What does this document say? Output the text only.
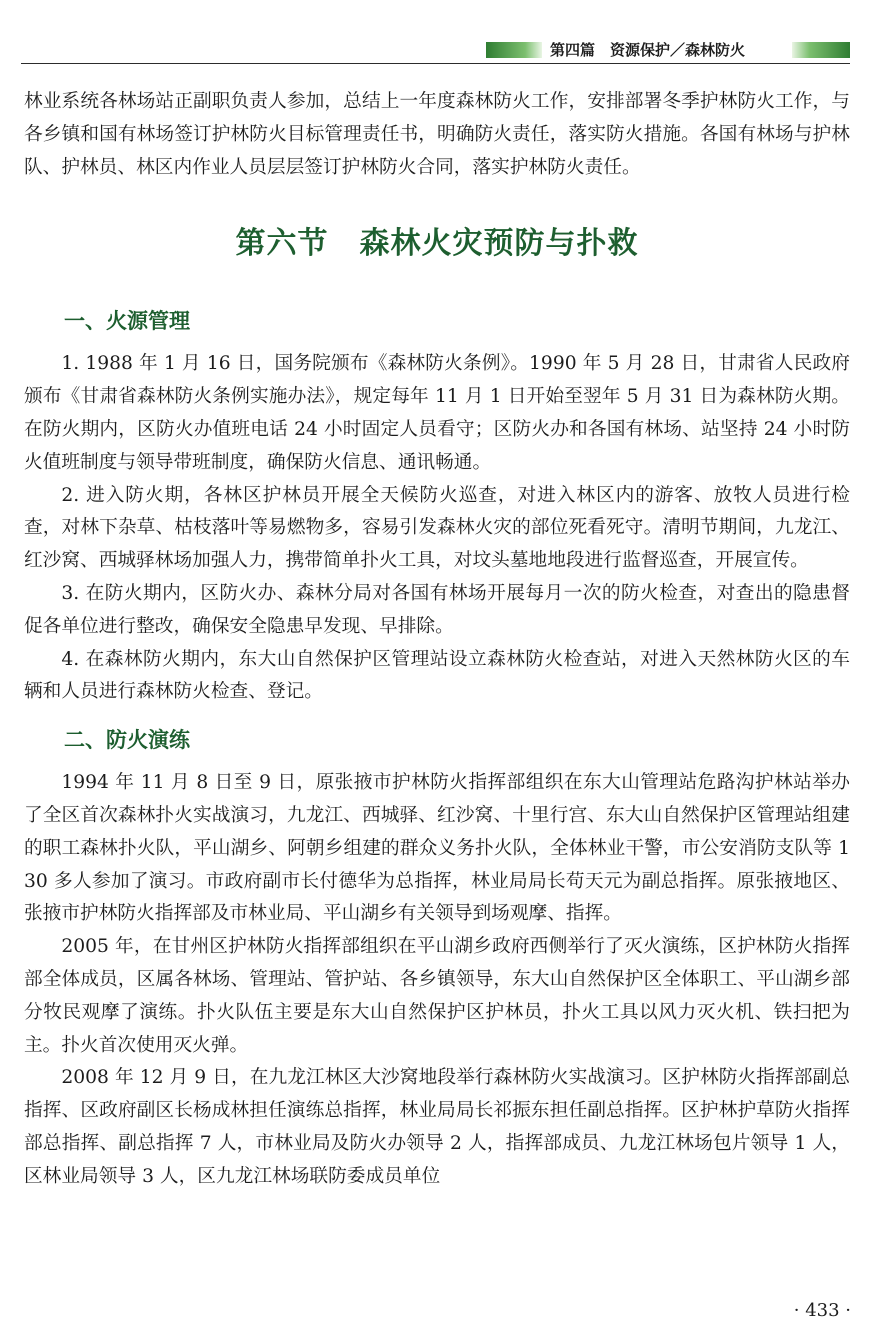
第四篇　资源保护／森林防火

林业系统各林场站正副职负责人参加，总结上一年度森林防火工作，安排部署冬季护林防火工作，与各乡镇和国有林场签订护林防火目标管理责任书，明确防火责任，落实防火措施。各国有林场与护林队、护林员、林区内作业人员层层签订护林防火合同，落实护林防火责任。

第六节　森林火灾预防与扑救
一、火源管理

1. 1988 年 1 月 16 日，国务院颁布《森林防火条例》。1990 年 5 月 28 日，甘肃省人民政府颁布《甘肃省森林防火条例实施办法》，规定每年 11 月 1 日开始至翌年 5 月 31 日为森林防火期。在防火期内，区防火办值班电话 24 小时固定人员看守；区防火办和各国有林场、站坚持 24 小时防火值班制度与领导带班制度，确保防火信息、通讯畅通。

2. 进入防火期，各林区护林员开展全天候防火巡查，对进入林区内的游客、放牧人员进行检查，对林下杂草、枯枝落叶等易燃物多，容易引发森林火灾的部位死看死守。清明节期间，九龙江、红沙窝、西城驿林场加强人力，携带简单扑火工具，对坟头墓地地段进行监督巡查，开展宣传。

3. 在防火期内，区防火办、森林分局对各国有林场开展每月一次的防火检查，对查出的隐患督促各单位进行整改，确保安全隐患早发现、早排除。

4. 在森林防火期内，东大山自然保护区管理站设立森林防火检查站，对进入天然林防火区的车辆和人员进行森林防火检查、登记。

二、防火演练

1994 年 11 月 8 日至 9 日，原张掖市护林防火指挥部组织在东大山管理站危路沟护林站举办了全区首次森林扑火实战演习，九龙江、西城驿、红沙窝、十里行宫、东大山自然保护区管理站组建的职工森林扑火队，平山湖乡、阿朝乡组建的群众义务扑火队，全体林业干警，市公安消防支队等 130 多人参加了演习。市政府副市长付德华为总指挥，林业局局长苟天元为副总指挥。原张掖地区、张掖市护林防火指挥部及市林业局、平山湖乡有关领导到场观摩、指挥。

2005 年，在甘州区护林防火指挥部组织在平山湖乡政府西侧举行了灭火演练，区护林防火指挥部全体成员，区属各林场、管理站、管护站、各乡镇领导，东大山自然保护区全体职工、平山湖乡部分牧民观摩了演练。扑火队伍主要是东大山自然保护区护林员，扑火工具以风力灭火机、铁扫把为主。扑火首次使用灭火弹。

2008 年 12 月 9 日，在九龙江林区大沙窝地段举行森林防火实战演习。区护林防火指挥部副总指挥、区政府副区长杨成林担任演练总指挥，林业局局长祁振东担任副总指挥。区护林护草防火指挥部总指挥、副总指挥 7 人，市林业局及防火办领导 2 人，指挥部成员、九龙江林场包片领导 1 人，区林业局领导 3 人，区九龙江林场联防委成员单位

· 433 ·
